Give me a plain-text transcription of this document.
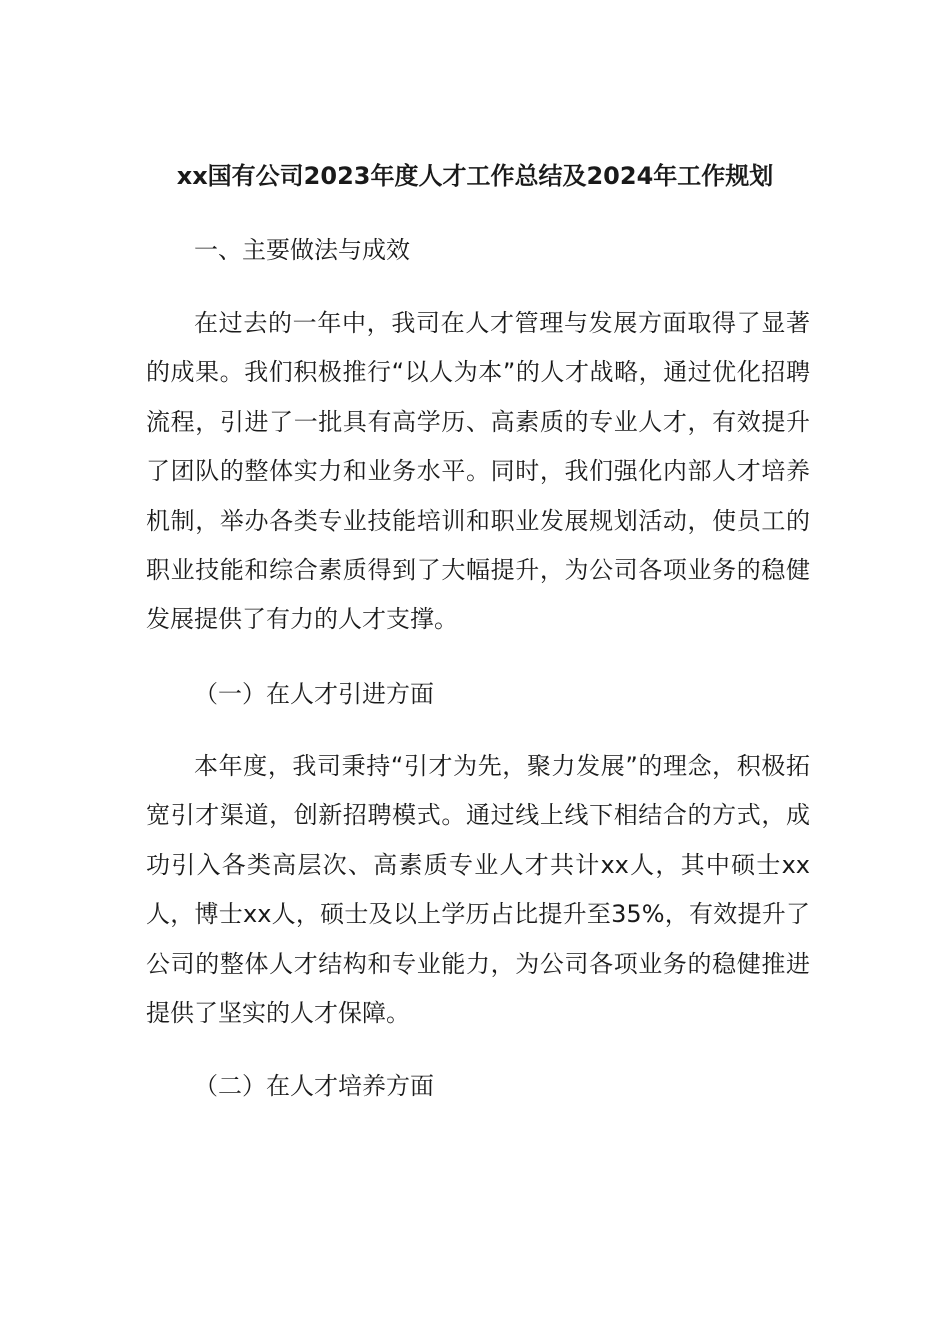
xx国有公司2023年度人才工作总结及2024年工作规划

一、主要做法与成效

在过去的一年中，我司在人才管理与发展方面取得了显著的成果。我们积极推行“以人为本”的人才战略，通过优化招聘流程，引进了一批具有高学历、高素质的专业人才，有效提升了团队的整体实力和业务水平。同时，我们强化内部人才培养机制，举办各类专业技能培训和职业发展规划活动，使员工的职业技能和综合素质得到了大幅提升，为公司各项业务的稳健发展提供了有力的人才支撑。

（一）在人才引进方面

本年度，我司秉持“引才为先，聚力发展”的理念，积极拓宽引才渠道，创新招聘模式。通过线上线下相结合的方式，成功引入各类高层次、高素质专业人才共计xx人，其中硕士xx人，博士xx人，硕士及以上学历占比提升至35%，有效提升了公司的整体人才结构和专业能力，为公司各项业务的稳健推进提供了坚实的人才保障。

（二）在人才培养方面
